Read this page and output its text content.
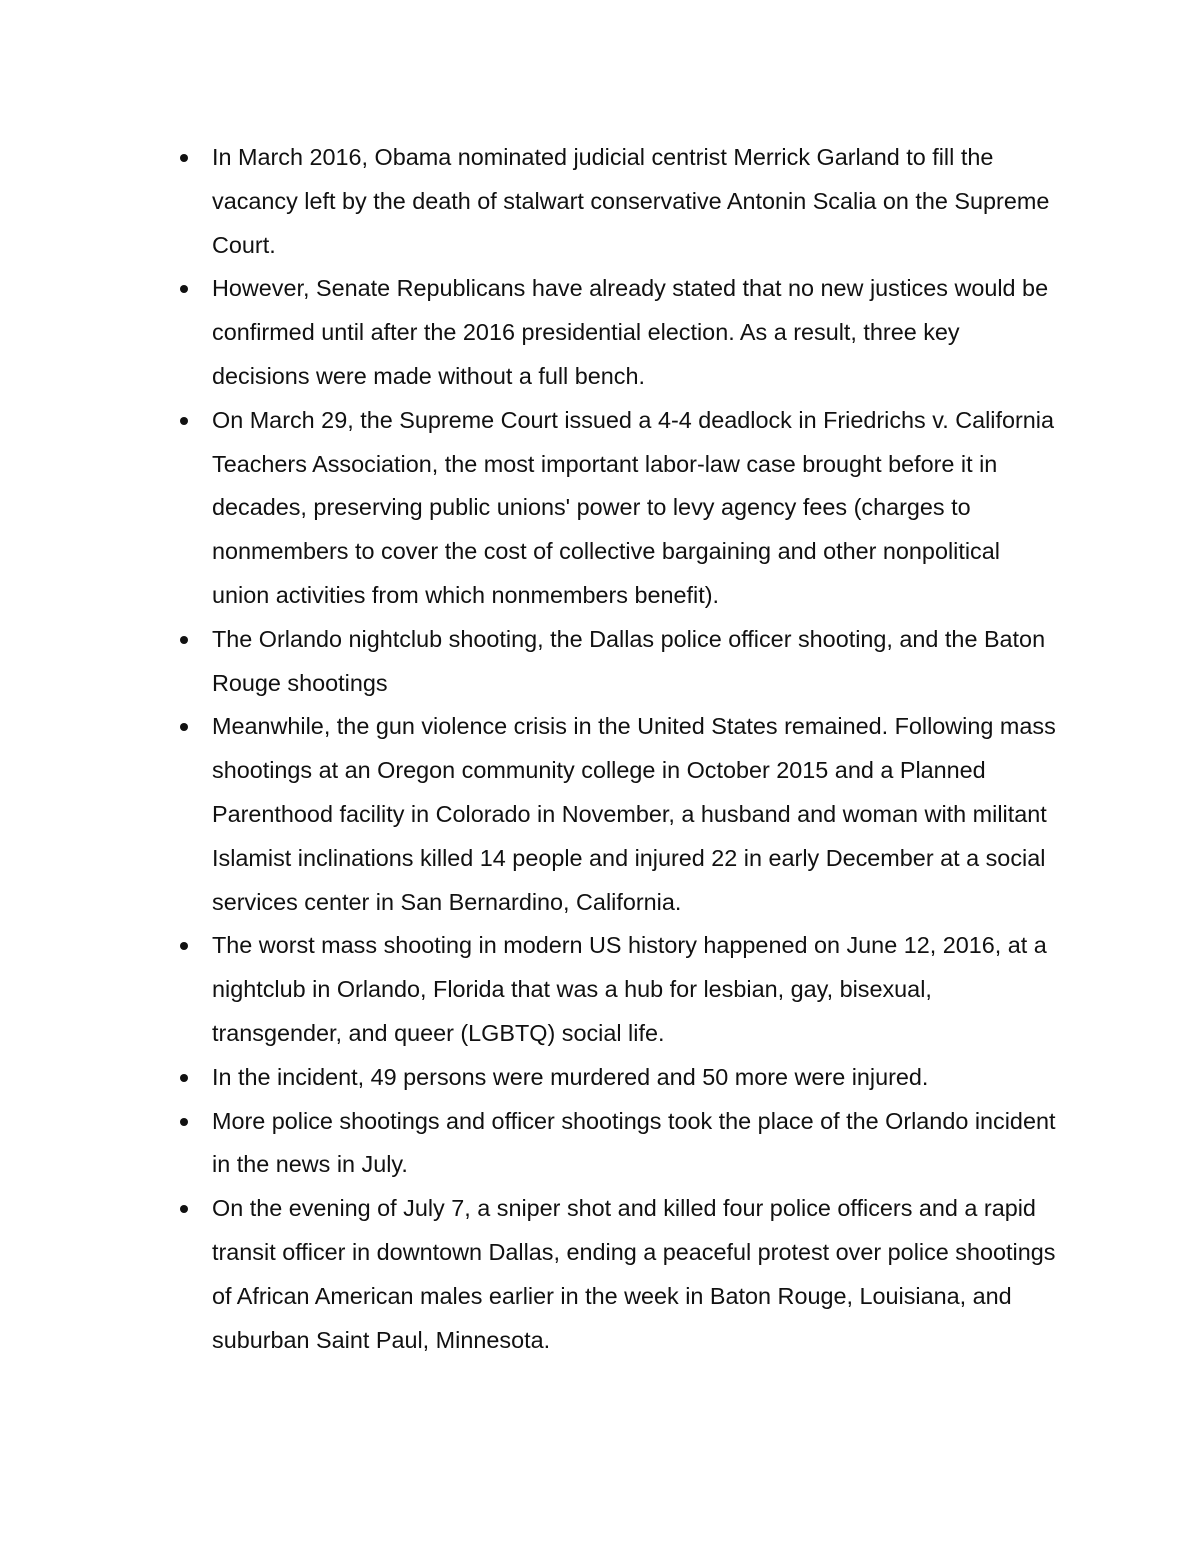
In March 2016, Obama nominated judicial centrist Merrick Garland to fill the vacancy left by the death of stalwart conservative Antonin Scalia on the Supreme Court.
However, Senate Republicans have already stated that no new justices would be confirmed until after the 2016 presidential election. As a result, three key decisions were made without a full bench.
On March 29, the Supreme Court issued a 4-4 deadlock in Friedrichs v. California Teachers Association, the most important labor-law case brought before it in decades, preserving public unions' power to levy agency fees (charges to nonmembers to cover the cost of collective bargaining and other nonpolitical union activities from which nonmembers benefit).
The Orlando nightclub shooting, the Dallas police officer shooting, and the Baton Rouge shootings
Meanwhile, the gun violence crisis in the United States remained. Following mass shootings at an Oregon community college in October 2015 and a Planned Parenthood facility in Colorado in November, a husband and woman with militant Islamist inclinations killed 14 people and injured 22 in early December at a social services center in San Bernardino, California.
The worst mass shooting in modern US history happened on June 12, 2016, at a nightclub in Orlando, Florida that was a hub for lesbian, gay, bisexual, transgender, and queer (LGBTQ) social life.
In the incident, 49 persons were murdered and 50 more were injured.
More police shootings and officer shootings took the place of the Orlando incident in the news in July.
On the evening of July 7, a sniper shot and killed four police officers and a rapid transit officer in downtown Dallas, ending a peaceful protest over police shootings of African American males earlier in the week in Baton Rouge, Louisiana, and suburban Saint Paul, Minnesota.
